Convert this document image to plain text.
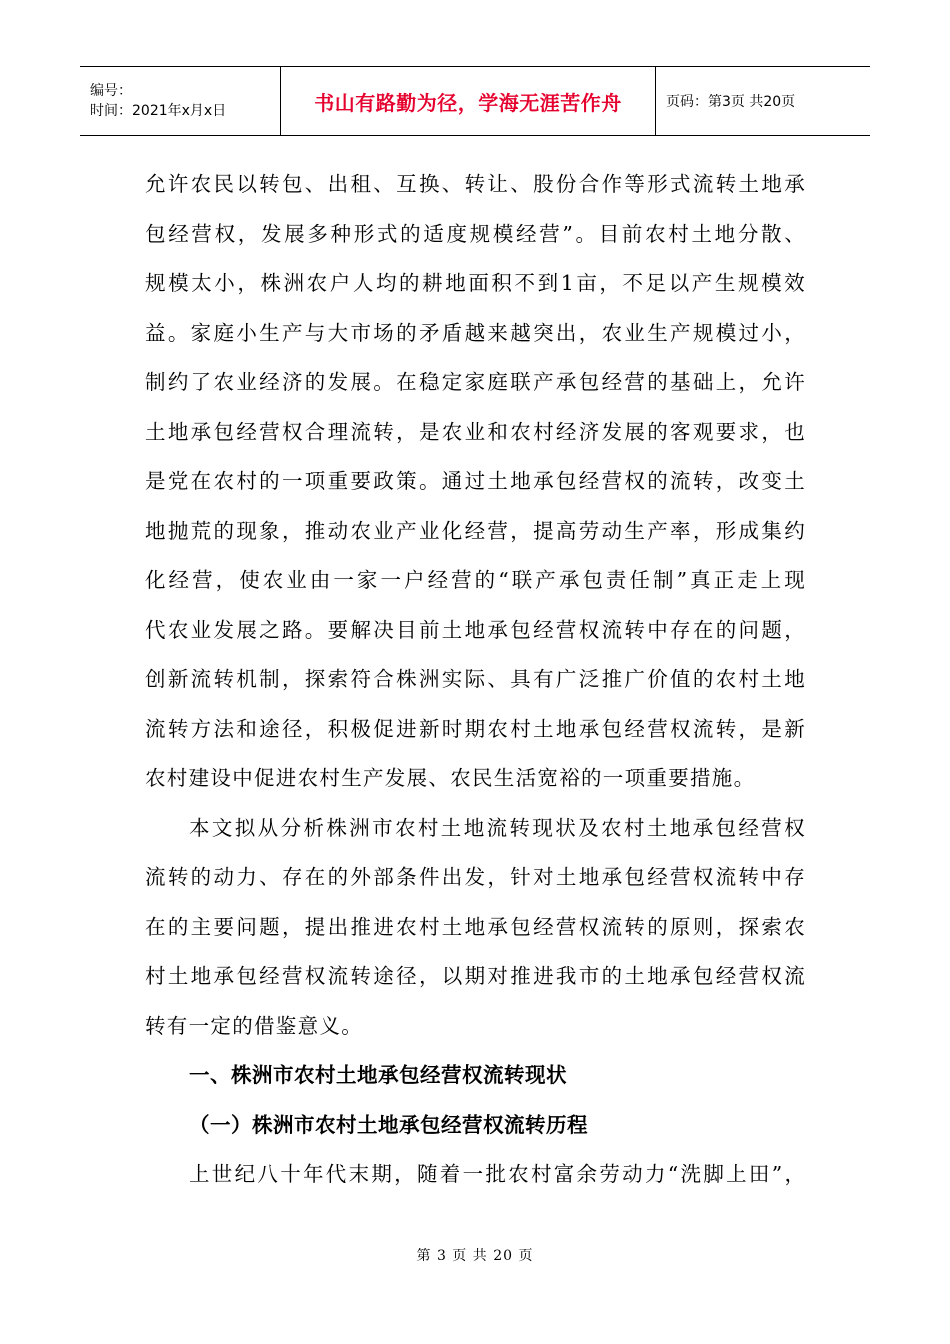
编号：
时间：2021年x月x日	书山有路勤为径，学海无涯苦作舟	页码：第3页 共20页
允 许 农 民 以 转 包 、 出 租 、 互 换 、 转 让 、 股 份 合 作 等 形 式 流 转 土 地 承
包 经 营 权 ， 发 展 多 种 形 式 的 适 度 规 模 经 营 ” 。 目 前 农 村 土 地 分 散 、
规 模 太 小 ， 株 洲 农 户 人 均 的 耕 地 面 积 不 到 1 亩 ， 不 足 以 产 生 规 模 效
益 。 家 庭 小 生 产 与 大 市 场 的 矛 盾 越 来 越 突 出 ， 农 业 生 产 规 模 过 小 ，
制 约 了 农 业 经 济 的 发 展 。 在 稳 定 家 庭 联 产 承 包 经 营 的 基 础 上 ， 允 许
土 地 承 包 经 营 权 合 理 流 转 ， 是 农 业 和 农 村 经 济 发 展 的 客 观 要 求 ， 也
是 党 在 农 村 的 一 项 重 要 政 策 。 通 过 土 地 承 包 经 营 权 的 流 转 ， 改 变 土
地 抛 荒 的 现 象 ， 推 动 农 业 产 业 化 经 营 ， 提 高 劳 动 生 产 率 ， 形 成 集 约
化 经 营 ， 使 农 业 由 一 家 一 户 经 营 的 “ 联 产 承 包 责 任 制 ” 真 正 走 上 现
代 农 业 发 展 之 路 。 要 解 决 目 前 土 地 承 包 经 营 权 流 转 中 存 在 的 问 题 ，
创 新 流 转 机 制 ， 探 索 符 合 株 洲 实 际 、 具 有 广 泛 推 广 价 值 的 农 村 土 地
流 转 方 法 和 途 径 ， 积 极 促 进 新 时 期 农 村 土 地 承 包 经 营 权 流 转 ， 是 新
农村建设中促进农村生产发展、农民生活宽裕的一项重要措施。
本 文 拟 从 分 析 株 洲 市 农 村 土 地 流 转 现 状 及 农 村 土 地 承 包 经 营 权
流 转 的 动 力 、 存 在 的 外 部 条 件 出 发 ， 针 对 土 地 承 包 经 营 权 流 转 中 存
在 的 主 要 问 题 ， 提 出 推 进 农 村 土 地 承 包 经 营 权 流 转 的 原 则 ， 探 索 农
村 土 地 承 包 经 营 权 流 转 途 径 ， 以 期 对 推 进 我 市 的 土 地 承 包 经 营 权 流
转有一定的借鉴意义。
一、株洲市农村土地承包经营权流转现状
（一）株洲市农村土地承包经营权流转历程
上 世 纪 八 十 年 代 末 期 ， 随 着 一 批 农 村 富 余 劳 动 力 “ 洗 脚 上 田 ” ，
第 3 页 共 20 页
